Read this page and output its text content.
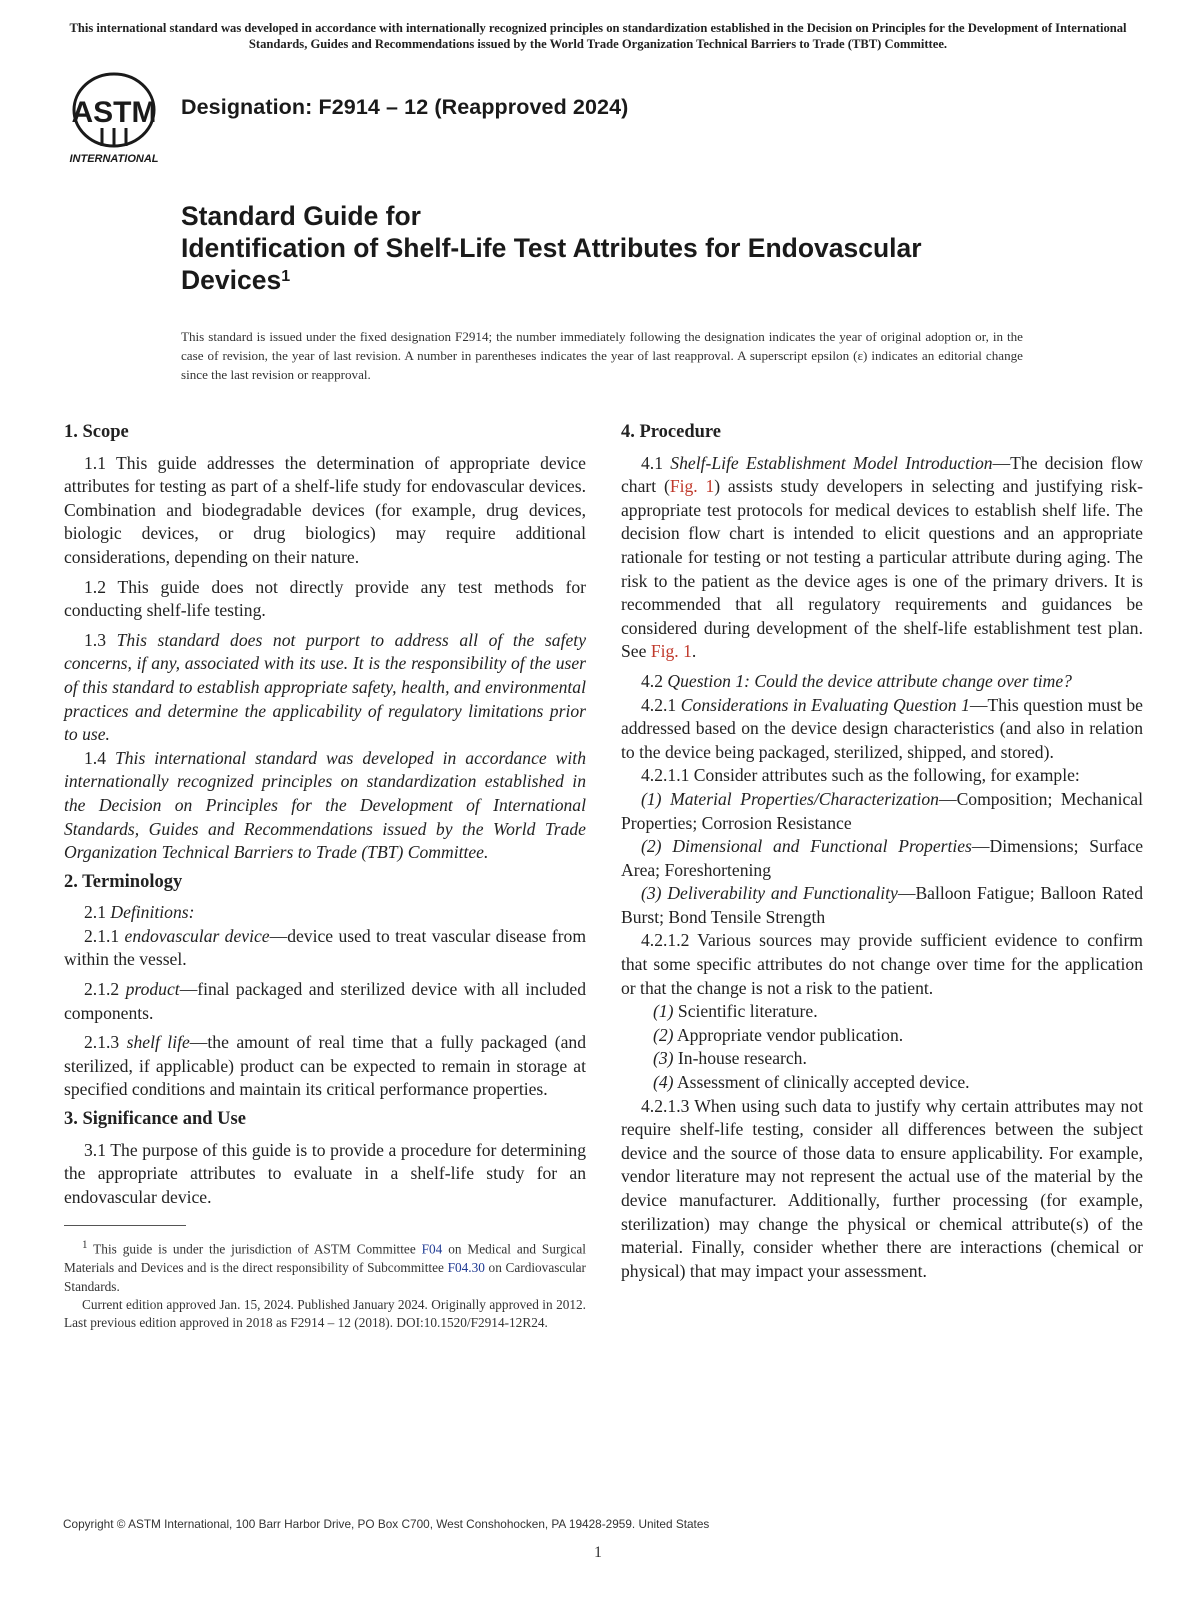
This international standard was developed in accordance with internationally recognized principles on standardization established in the Decision on Principles for the Development of International Standards, Guides and Recommendations issued by the World Trade Organization Technical Barriers to Trade (TBT) Committee.
ASTM
INTERNATIONAL
Designation: F2914 – 12 (Reapproved 2024)
Standard Guide for
Identification of Shelf-Life Test Attributes for Endovascular
Devices$^1$
This standard is issued under the fixed designation F2914; the number immediately following the designation indicates the year of original adoption or, in the case of revision, the year of last revision. A number in parentheses indicates the year of last reapproval. A superscript epsilon (ε) indicates an editorial change since the last revision or reapproval.
1. Scope
1.1 This guide addresses the determination of appropriate device attributes for testing as part of a shelf-life study for endovascular devices. Combination and biodegradable devices (for example, drug devices, biologic devices, or drug biologics) may require additional considerations, depending on their nature.
1.2 This guide does not directly provide any test methods for conducting shelf-life testing.
1.3 This standard does not purport to address all of the safety concerns, if any, associated with its use. It is the responsibility of the user of this standard to establish appropriate safety, health, and environmental practices and determine the applicability of regulatory limitations prior to use.
1.4 This international standard was developed in accordance with internationally recognized principles on standardization established in the Decision on Principles for the Development of International Standards, Guides and Recommendations issued by the World Trade Organization Technical Barriers to Trade (TBT) Committee.
2. Terminology
2.1 Definitions:
2.1.1 endovascular device—device used to treat vascular disease from within the vessel.
2.1.2 product—final packaged and sterilized device with all included components.
2.1.3 shelf life—the amount of real time that a fully packaged (and sterilized, if applicable) product can be expected to remain in storage at specified conditions and maintain its critical performance properties.
3. Significance and Use
3.1 The purpose of this guide is to provide a procedure for determining the appropriate attributes to evaluate in a shelf-life study for an endovascular device.
$^1$ This guide is under the jurisdiction of ASTM Committee F04 on Medical and Surgical Materials and Devices and is the direct responsibility of Subcommittee F04.30 on Cardiovascular Standards.
Current edition approved Jan. 15, 2024. Published January 2024. Originally approved in 2012. Last previous edition approved in 2018 as F2914 – 12 (2018). DOI:10.1520/F2914-12R24.
4. Procedure
4.1 Shelf-Life Establishment Model Introduction—The decision flow chart (Fig. 1) assists study developers in selecting and justifying risk-appropriate test protocols for medical devices to establish shelf life. The decision flow chart is intended to elicit questions and an appropriate rationale for testing or not testing a particular attribute during aging. The risk to the patient as the device ages is one of the primary drivers. It is recommended that all regulatory requirements and guidances be considered during development of the shelf-life establishment test plan. See Fig. 1.
4.2 Question 1: Could the device attribute change over time?
4.2.1 Considerations in Evaluating Question 1—This question must be addressed based on the device design characteristics (and also in relation to the device being packaged, sterilized, shipped, and stored).
4.2.1.1 Consider attributes such as the following, for example:
(1) Material Properties/Characterization—Composition; Mechanical Properties; Corrosion Resistance
(2) Dimensional and Functional Properties—Dimensions; Surface Area; Foreshortening
(3) Deliverability and Functionality—Balloon Fatigue; Balloon Rated Burst; Bond Tensile Strength
4.2.1.2 Various sources may provide sufficient evidence to confirm that some specific attributes do not change over time for the application or that the change is not a risk to the patient.
(1) Scientific literature.
(2) Appropriate vendor publication.
(3) In-house research.
(4) Assessment of clinically accepted device.
4.2.1.3 When using such data to justify why certain attributes may not require shelf-life testing, consider all differences between the subject device and the source of those data to ensure applicability. For example, vendor literature may not represent the actual use of the material by the device manufacturer. Additionally, further processing (for example, sterilization) may change the physical or chemical attribute(s) of the material. Finally, consider whether there are interactions (chemical or physical) that may impact your assessment.
Copyright © ASTM International, 100 Barr Harbor Drive, PO Box C700, West Conshohocken, PA 19428-2959. United States
1
